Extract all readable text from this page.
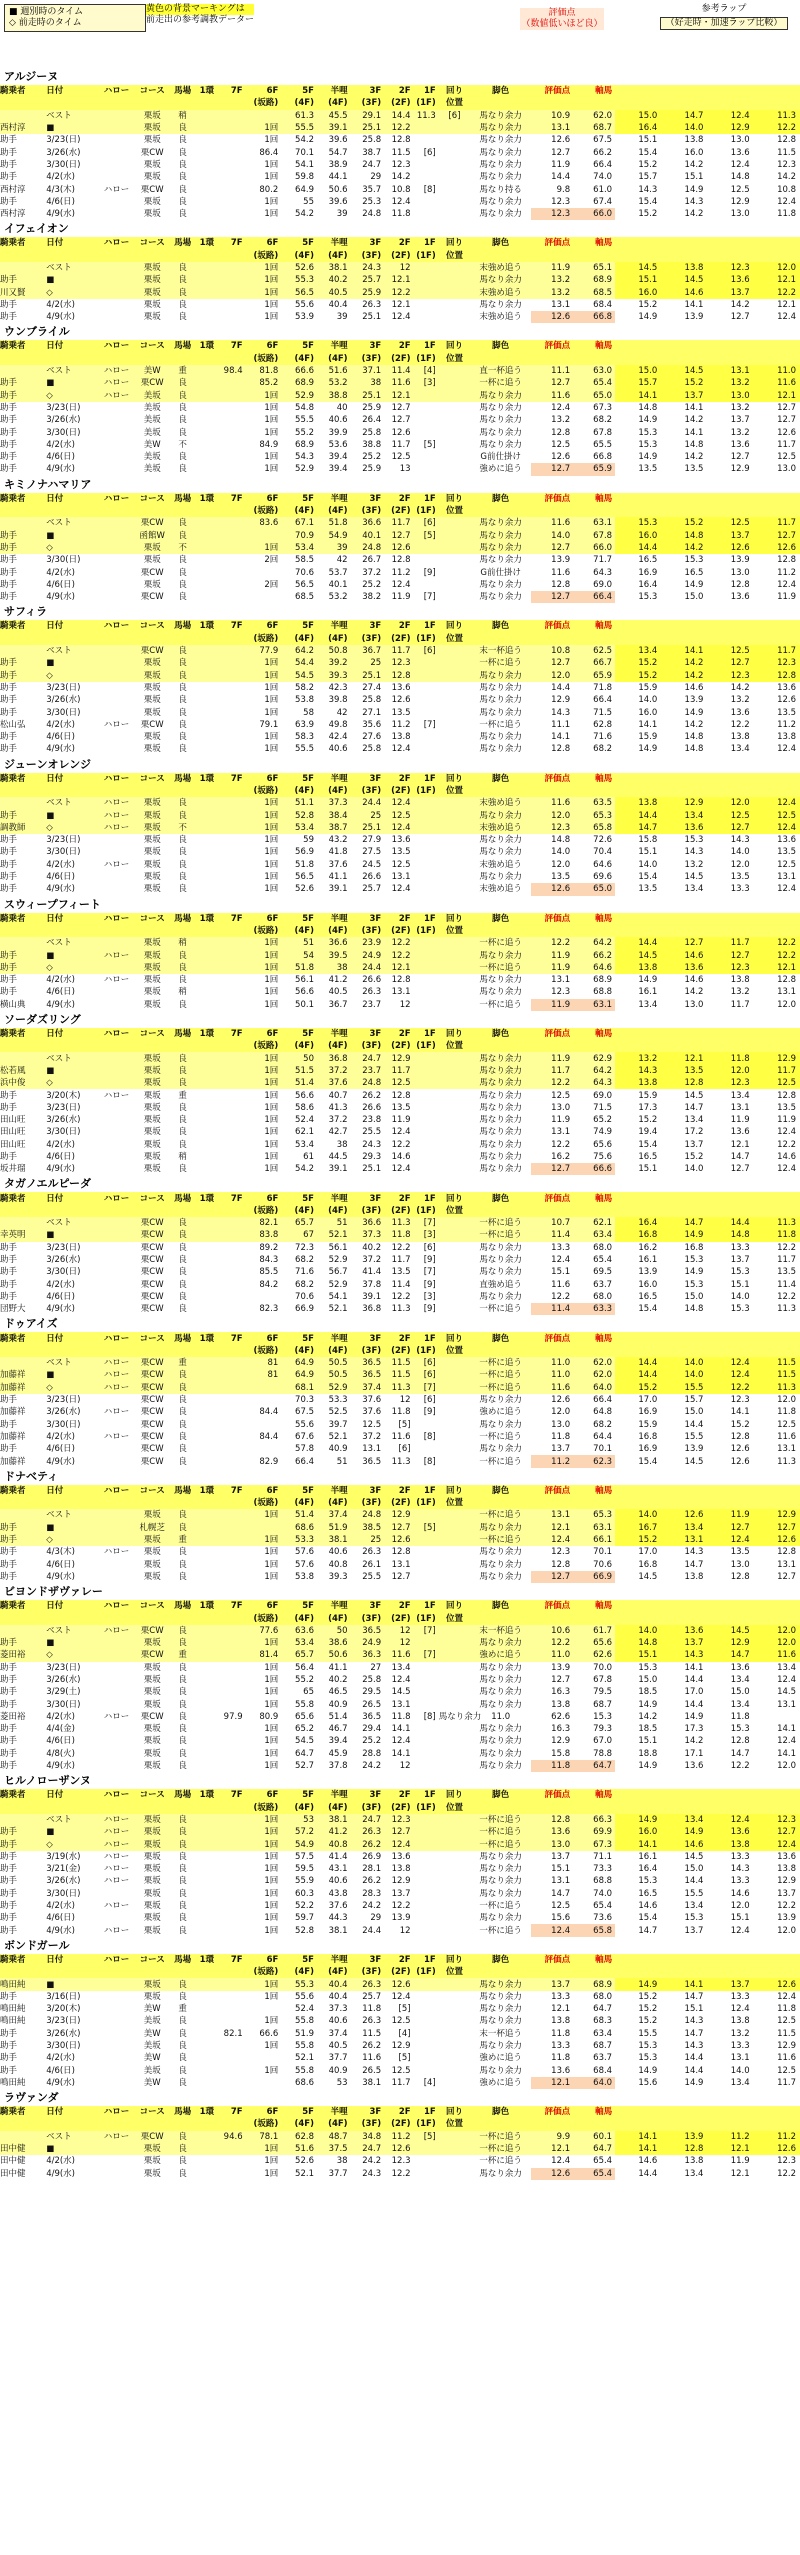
■ 週別時のタイム
◇ 前走時のタイム
黄色の背景マーキングは
前走出の参考調教データー
評価点
（数値低いほど良）
参考ラップ
（好走時・加速ラップ比較）
アルジーヌ
騎乗者	日付		ハロー	コース	馬場	1環	7F	6F	5F	半哩	3F	2F	1F	回り	脚色	評価点	軸馬				
								(坂路)	(4F)	(4F)	(3F)	(2F)	(1F)	位置							
	ベスト			栗坂	稍				61.3	45.5	29.1	14.4	11.3	[6]	馬なり余力	10.9	62.0	15.0	14.7	12.4	11.3
西村淳	■			栗坂	良			1回	55.5	39.1	25.1	12.2			馬なり余力	13.1	68.7	16.4	14.0	12.9	12.2
助手	3/23(日)			栗坂	良			1回	54.2	39.6	25.8	12.8			馬なり余力	12.6	67.5	15.1	13.8	13.0	12.8
助手	3/26(水)			栗CW	良			86.4	70.1	54.7	38.7	11.5	[6]		馬なり余力	12.7	66.2	15.4	16.0	13.6	11.5
助手	3/30(日)			栗坂	良			1回	54.1	38.9	24.7	12.3			馬なり余力	11.9	66.4	15.2	14.2	12.4	12.3
助手	4/2(水)			栗坂	良			1回	59.8	44.1	29	14.2			馬なり余力	14.4	74.0	15.7	15.1	14.8	14.2
西村淳	4/3(木)		ハロー	栗CW	良			80.2	64.9	50.6	35.7	10.8	[8]		馬なり持る	9.8	61.0	14.3	14.9	12.5	10.8
助手	4/6(日)			栗坂	良			1回	55	39.6	25.3	12.4			馬なり余力	12.3	67.4	15.4	14.3	12.9	12.4
西村淳	4/9(水)			栗坂	良			1回	54.2	39	24.8	11.8			馬なり余力	12.3	66.0	15.2	14.2	13.0	11.8
イフェイオン
騎乗者	日付		ハロー	コース	馬場	1環	7F	6F	5F	半哩	3F	2F	1F	回り	脚色	評価点	軸馬				
								(坂路)	(4F)	(4F)	(3F)	(2F)	(1F)	位置							
	ベスト			栗坂	良			1回	52.6	38.1	24.3	12			末強め追う	11.9	65.1	14.5	13.8	12.3	12.0
助手	■			栗坂	良			1回	55.3	40.2	25.7	12.1			馬なり余力	13.2	68.9	15.1	14.5	13.6	12.1
川又賢	◇			栗坂	良			1回	56.5	40.5	25.9	12.2			末強め追う	13.2	68.5	16.0	14.6	13.7	12.2
助手	4/2(水)			栗坂	良			1回	55.6	40.4	26.3	12.1			馬なり余力	13.1	68.4	15.2	14.1	14.2	12.1
助手	4/9(水)			栗坂	良			1回	53.9	39	25.1	12.4			末強め追う	12.6	66.8	14.9	13.9	12.7	12.4
ウンブライル
騎乗者	日付		ハロー	コース	馬場	1環	7F	6F	5F	半哩	3F	2F	1F	回り	脚色	評価点	軸馬				
								(坂路)	(4F)	(4F)	(3F)	(2F)	(1F)	位置							
	ベスト		ハロー	美W	重		98.4	81.8	66.6	51.6	37.1	11.4	[4]		直一杯追う	11.1	63.0	15.0	14.5	13.1	11.0
助手	■		ハロー	栗CW	良			85.2	68.9	53.2	38	11.6	[3]		一杯に追う	12.7	65.4	15.7	15.2	13.2	11.6
助手	◇		ハロー	美坂	良			1回	52.9	38.8	25.1	12.1			馬なり余力	11.6	65.0	14.1	13.7	13.0	12.1
助手	3/23(日)			美坂	良			1回	54.8	40	25.9	12.7			馬なり余力	12.4	67.3	14.8	14.1	13.2	12.7
助手	3/26(水)			美坂	良			1回	55.5	40.6	26.4	12.7			馬なり余力	13.2	68.2	14.9	14.2	13.7	12.7
助手	3/30(日)			美坂	良			1回	55.2	39.9	25.8	12.6			馬なり余力	12.8	67.8	15.3	14.1	13.2	12.6
助手	4/2(水)			美W	不			84.9	68.9	53.6	38.8	11.7	[5]		馬なり余力	12.5	65.5	15.3	14.8	13.6	11.7
助手	4/6(日)			美坂	良			1回	54.3	39.4	25.2	12.5			G前仕掛け	12.6	66.8	14.9	14.2	12.7	12.5
助手	4/9(水)			美坂	良			1回	52.9	39.4	25.9	13			強めに追う	12.7	65.9	13.5	13.5	12.9	13.0
キミノナハマリア
騎乗者	日付		ハロー	コース	馬場	1環	7F	6F	5F	半哩	3F	2F	1F	回り	脚色	評価点	軸馬				
								(坂路)	(4F)	(4F)	(3F)	(2F)	(1F)	位置							
	ベスト			栗CW	良			83.6	67.1	51.8	36.6	11.7	[6]		馬なり余力	11.6	63.1	15.3	15.2	12.5	11.7
助手	■			函館W	良				70.9	54.9	40.1	12.7	[5]		馬なり余力	14.0	67.8	16.0	14.8	13.7	12.7
助手	◇			栗坂	不			1回	53.4	39	24.8	12.6			馬なり余力	12.7	66.0	14.4	14.2	12.6	12.6
助手	3/30(日)			栗坂	良			2回	58.5	42	26.7	12.8			馬なり余力	13.9	71.7	16.5	15.3	13.9	12.8
助手	4/2(水)			栗CW	良				70.6	53.7	37.2	11.2	[9]		G前仕掛け	11.6	64.3	16.9	16.5	13.0	11.2
助手	4/6(日)			栗坂	良			2回	56.5	40.1	25.2	12.4			馬なり余力	12.8	69.0	16.4	14.9	12.8	12.4
助手	4/9(水)			栗CW	良				68.5	53.2	38.2	11.9	[7]		馬なり余力	12.7	66.4	15.3	15.0	13.6	11.9
サフィラ
騎乗者	日付		ハロー	コース	馬場	1環	7F	6F	5F	半哩	3F	2F	1F	回り	脚色	評価点	軸馬				
								(坂路)	(4F)	(4F)	(3F)	(2F)	(1F)	位置							
	ベスト			栗CW	良			77.9	64.2	50.8	36.7	11.7	[6]		末一杯追う	10.8	62.5	13.4	14.1	12.5	11.7
助手	■			栗坂	良			1回	54.4	39.2	25	12.3			一杯に追う	12.7	66.7	15.2	14.2	12.7	12.3
助手	◇			栗坂	良			1回	54.5	39.3	25.1	12.8			馬なり余力	12.0	65.9	15.2	14.2	12.3	12.8
助手	3/23(日)			栗坂	良			1回	58.2	42.3	27.4	13.6			馬なり余力	14.4	71.8	15.9	14.6	14.2	13.6
助手	3/26(水)			栗坂	良			1回	53.8	39.8	25.8	12.6			馬なり余力	12.9	66.4	14.0	13.9	13.2	12.6
助手	3/30(日)			栗坂	良			1回	58	42	27.1	13.5			馬なり余力	14.3	71.5	16.0	14.9	13.6	13.5
松山弘	4/2(水)		ハロー	栗CW	良			79.1	63.9	49.8	35.6	11.2	[7]		一杯に追う	11.1	62.8	14.1	14.2	12.2	11.2
助手	4/6(日)			栗坂	良			1回	58.3	42.4	27.6	13.8			馬なり余力	14.1	71.6	15.9	14.8	13.8	13.8
助手	4/9(水)			栗坂	良			1回	55.5	40.6	25.8	12.4			馬なり余力	12.8	68.2	14.9	14.8	13.4	12.4
ジューンオレンジ
騎乗者	日付		ハロー	コース	馬場	1環	7F	6F	5F	半哩	3F	2F	1F	回り	脚色	評価点	軸馬				
								(坂路)	(4F)	(4F)	(3F)	(2F)	(1F)	位置							
	ベスト		ハロー	栗坂	良			1回	51.1	37.3	24.4	12.4			末強め追う	11.6	63.5	13.8	12.9	12.0	12.4
助手	■		ハロー	栗坂	良			1回	52.8	38.4	25	12.5			馬なり余力	12.0	65.3	14.4	13.4	12.5	12.5
調教師	◇		ハロー	栗坂	不			1回	53.4	38.7	25.1	12.4			末強め追う	12.3	65.8	14.7	13.6	12.7	12.4
助手	3/23(日)			栗坂	良			1回	59	43.2	27.9	13.6			馬なり余力	14.8	72.6	15.8	15.3	14.3	13.6
助手	3/30(日)			栗坂	良			1回	56.9	41.8	27.5	13.5			馬なり余力	14.0	70.4	15.1	14.3	14.0	13.5
助手	4/2(水)		ハロー	栗坂	良			1回	51.8	37.6	24.5	12.5			末強め追う	12.0	64.6	14.0	13.2	12.0	12.5
助手	4/6(日)			栗坂	良			1回	56.5	41.1	26.6	13.1			馬なり余力	13.5	69.6	15.4	14.5	13.5	13.1
助手	4/9(水)			栗坂	良			1回	52.6	39.1	25.7	12.4			末強め追う	12.6	65.0	13.5	13.4	13.3	12.4
スウィープフィート
騎乗者	日付		ハロー	コース	馬場	1環	7F	6F	5F	半哩	3F	2F	1F	回り	脚色	評価点	軸馬				
								(坂路)	(4F)	(4F)	(3F)	(2F)	(1F)	位置							
	ベスト			栗坂	稍			1回	51	36.6	23.9	12.2			一杯に追う	12.2	64.2	14.4	12.7	11.7	12.2
助手	■		ハロー	栗坂	良			1回	54	39.5	24.9	12.2			馬なり余力	11.9	66.2	14.5	14.6	12.7	12.2
助手	◇			栗坂	良			1回	51.8	38	24.4	12.1			一杯に追う	11.9	64.6	13.8	13.6	12.3	12.1
助手	4/2(水)		ハロー	栗坂	良			1回	56.1	41.2	26.6	12.8			馬なり余力	13.1	68.9	14.9	14.6	13.8	12.8
助手	4/6(日)			栗坂	稍			1回	56.6	40.5	26.3	13.1			馬なり余力	12.3	68.8	16.1	14.2	13.2	13.1
横山典	4/9(水)			栗坂	良			1回	50.1	36.7	23.7	12			一杯に追う	11.9	63.1	13.4	13.0	11.7	12.0
ソーダズリング
騎乗者	日付		ハロー	コース	馬場	1環	7F	6F	5F	半哩	3F	2F	1F	回り	脚色	評価点	軸馬				
								(坂路)	(4F)	(4F)	(3F)	(2F)	(1F)	位置							
	ベスト			栗坂	良			1回	50	36.8	24.7	12.9			馬なり余力	11.9	62.9	13.2	12.1	11.8	12.9
松若風	■			栗坂	良			1回	51.5	37.2	23.7	11.7			馬なり余力	11.7	64.2	14.3	13.5	12.0	11.7
浜中俊	◇			栗坂	良			1回	51.4	37.6	24.8	12.5			馬なり余力	12.2	64.3	13.8	12.8	12.3	12.5
助手	3/20(木)		ハロー	栗坂	重			1回	56.6	40.7	26.2	12.8			馬なり余力	12.5	69.0	15.9	14.5	13.4	12.8
助手	3/23(日)			栗坂	良			1回	58.6	41.3	26.6	13.5			馬なり余力	13.0	71.5	17.3	14.7	13.1	13.5
田山旺	3/26(水)			栗坂	良			1回	52.4	37.2	23.8	11.9			馬なり余力	11.9	65.2	15.2	13.4	11.9	11.9
田山旺	3/30(日)			栗坂	良			1回	62.1	42.7	25.5	12.4			馬なり余力	13.1	74.9	19.4	17.2	13.6	12.4
田山旺	4/2(水)			栗坂	良			1回	53.4	38	24.3	12.2			馬なり余力	12.2	65.6	15.4	13.7	12.1	12.2
助手	4/6(日)			栗坂	稍			1回	61	44.5	29.3	14.6			馬なり余力	16.2	75.6	16.5	15.2	14.7	14.6
坂井瑠	4/9(水)			栗坂	良			1回	54.2	39.1	25.1	12.4			馬なり余力	12.7	66.6	15.1	14.0	12.7	12.4
タガノエルピーダ
騎乗者	日付		ハロー	コース	馬場	1環	7F	6F	5F	半哩	3F	2F	1F	回り	脚色	評価点	軸馬				
								(坂路)	(4F)	(4F)	(3F)	(2F)	(1F)	位置							
	ベスト			栗CW	良			82.1	65.7	51	36.6	11.3	[7]		一杯に追う	10.7	62.1	16.4	14.7	14.4	11.3
幸英明	■			栗CW	良			83.8	67	52.1	37.3	11.8	[3]		一杯に追う	11.4	63.4	16.8	14.9	14.8	11.8
助手	3/23(日)			栗CW	良			89.2	72.3	56.1	40.2	12.2	[6]		馬なり余力	13.3	68.0	16.2	16.8	13.3	12.2
助手	3/26(水)			栗CW	良			84.3	68.2	52.9	37.2	11.7	[9]		馬なり余力	12.4	65.4	16.1	15.3	13.7	11.7
助手	3/30(日)			栗CW	良			85.5	71.6	56.7	41.4	13.5	[7]		馬なり余力	15.1	69.5	13.9	14.9	15.3	13.5
助手	4/2(水)			栗CW	良			84.2	68.2	52.9	37.8	11.4	[9]		直強め追う	11.6	63.7	16.0	15.3	15.1	11.4
助手	4/6(日)			栗CW	良				70.6	54.1	39.1	12.2	[3]		馬なり余力	12.2	68.0	16.5	15.0	14.0	12.2
団野大	4/9(水)			栗CW	良			82.3	66.9	52.1	36.8	11.3	[9]		一杯に追う	11.4	63.3	15.4	14.8	15.3	11.3
ドゥアイズ
騎乗者	日付		ハロー	コース	馬場	1環	7F	6F	5F	半哩	3F	2F	1F	回り	脚色	評価点	軸馬				
								(坂路)	(4F)	(4F)	(3F)	(2F)	(1F)	位置							
	ベスト		ハロー	栗CW	重			81	64.9	50.5	36.5	11.5	[6]		一杯に追う	11.0	62.0	14.4	14.0	12.4	11.5
加藤祥	■		ハロー	栗CW	良			81	64.9	50.5	36.5	11.5	[6]		一杯に追う	11.0	62.0	14.4	14.0	12.4	11.5
加藤祥	◇		ハロー	栗CW	良				68.1	52.9	37.4	11.3	[7]		一杯に追う	11.6	64.0	15.2	15.5	12.2	11.3
助手	3/23(日)			栗CW	良				70.3	53.3	37.6	12	[6]		馬なり余力	12.6	66.4	17.0	15.7	12.3	12.0
加藤祥	3/26(水)		ハロー	栗CW	良			84.4	67.5	52.5	37.6	11.8	[9]		強めに追う	12.0	64.8	16.9	15.0	14.1	11.8
助手	3/30(日)			栗CW	良				55.6	39.7	12.5	[5]			馬なり余力	13.0	68.2	15.9	14.4	15.2	12.5
加藤祥	4/2(水)		ハロー	栗CW	良			84.4	67.6	52.1	37.2	11.6	[8]		一杯に追う	11.8	64.4	16.8	15.5	12.8	11.6
助手	4/6(日)			栗CW	良				57.8	40.9	13.1	[6]			馬なり余力	13.7	70.1	16.9	13.9	12.6	13.1
加藤祥	4/9(水)			栗CW	良			82.9	66.4	51	36.5	11.3	[8]		一杯に追う	11.2	62.3	15.4	14.5	12.6	11.3
ドナベティ
騎乗者	日付		ハロー	コース	馬場	1環	7F	6F	5F	半哩	3F	2F	1F	回り	脚色	評価点	軸馬				
								(坂路)	(4F)	(4F)	(3F)	(2F)	(1F)	位置							
	ベスト			栗坂	良			1回	51.4	37.4	24.8	12.9			一杯に追う	13.1	65.3	14.0	12.6	11.9	12.9
助手	■			札幌芝	良				68.6	51.9	38.5	12.7	[5]		馬なり余力	12.1	63.1	16.7	13.4	12.7	12.7
助手	◇			栗坂	重			1回	53.3	38.1	25	12.6			一杯に追う	12.4	66.1	15.2	13.1	12.4	12.6
助手	4/3(木)		ハロー	栗坂	良			1回	57.6	40.6	26.3	12.8			馬なり余力	12.3	70.1	17.0	14.3	13.5	12.8
助手	4/6(日)			栗坂	良			1回	57.6	40.8	26.1	13.1			馬なり余力	12.8	70.6	16.8	14.7	13.0	13.1
助手	4/9(水)			栗坂	良			1回	53.8	39.3	25.5	12.7			馬なり余力	12.7	66.9	14.5	13.8	12.8	12.7
ビヨンドザヴァレー
騎乗者	日付		ハロー	コース	馬場	1環	7F	6F	5F	半哩	3F	2F	1F	回り	脚色	評価点	軸馬				
								(坂路)	(4F)	(4F)	(3F)	(2F)	(1F)	位置							
	ベスト		ハロー	栗CW	良			77.6	63.6	50	36.5	12	[7]		末一杯追う	10.6	61.7	14.0	13.6	14.5	12.0
助手	■			栗坂	良			1回	53.4	38.6	24.9	12			馬なり余力	12.2	65.6	14.8	13.7	12.9	12.0
菱田裕	◇			栗CW	重			81.4	65.7	50.6	36.3	11.6	[7]		強めに追う	11.0	62.6	15.1	14.3	14.7	11.6
助手	3/23(日)			栗坂	良			1回	56.4	41.1	27	13.4			馬なり余力	13.9	70.0	15.3	14.1	13.6	13.4
助手	3/26(水)			栗坂	良			1回	55.2	40.2	25.8	12.4			馬なり余力	12.7	67.8	15.0	14.4	13.4	12.4
助手	3/29(土)			栗坂	良			1回	65	46.5	29.5	14.5			馬なり余力	16.3	79.5	18.5	17.0	15.0	14.5
助手	3/30(日)			栗坂	良			1回	55.8	40.9	26.5	13.1			馬なり余力	13.8	68.7	14.9	14.4	13.4	13.1
菱田裕	4/2(水)		ハロー	栗CW	良		97.9	80.9	65.6	51.4	36.5	11.8	[8]	馬なり余力	11.0	62.6	15.3	14.2	14.9	11.8	
助手	4/4(金)			栗坂	良			1回	65.2	46.7	29.4	14.1			馬なり余力	16.3	79.3	18.5	17.3	15.3	14.1
助手	4/6(日)			栗坂	良			1回	54.5	39.4	25.2	12.4			馬なり余力	12.9	67.0	15.1	14.2	12.8	12.4
助手	4/8(火)			栗坂	良			1回	64.7	45.9	28.8	14.1			馬なり余力	15.8	78.8	18.8	17.1	14.7	14.1
助手	4/9(水)			栗坂	良			1回	52.7	37.8	24.2	12			馬なり余力	11.8	64.7	14.9	13.6	12.2	12.0
ヒルノローザンヌ
騎乗者	日付		ハロー	コース	馬場	1環	7F	6F	5F	半哩	3F	2F	1F	回り	脚色	評価点	軸馬				
								(坂路)	(4F)	(4F)	(3F)	(2F)	(1F)	位置							
	ベスト		ハロー	栗坂	良			1回	53	38.1	24.7	12.3			一杯に追う	12.8	66.3	14.9	13.4	12.4	12.3
助手	■		ハロー	栗坂	良			1回	57.2	41.2	26.3	12.7			一杯に追う	13.6	69.9	16.0	14.9	13.6	12.7
助手	◇		ハロー	栗坂	良			1回	54.9	40.8	26.2	12.4			一杯に追う	13.0	67.3	14.1	14.6	13.8	12.4
助手	3/19(水)		ハロー	栗坂	良			1回	57.5	41.4	26.9	13.6			馬なり余力	13.7	71.1	16.1	14.5	13.3	13.6
助手	3/21(金)		ハロー	栗坂	良			1回	59.5	43.1	28.1	13.8			馬なり余力	15.1	73.3	16.4	15.0	14.3	13.8
助手	3/26(水)		ハロー	栗坂	良			1回	55.9	40.6	26.2	12.9			馬なり余力	13.1	68.8	15.3	14.4	13.3	12.9
助手	3/30(日)			栗坂	良			1回	60.3	43.8	28.3	13.7			馬なり余力	14.7	74.0	16.5	15.5	14.6	13.7
助手	4/2(水)		ハロー	栗坂	良			1回	52.2	37.6	24.2	12.2			一杯に追う	12.5	65.4	14.6	13.4	12.0	12.2
助手	4/6(日)			栗坂	良			1回	59.7	44.3	29	13.9			馬なり余力	15.6	73.6	15.4	15.3	15.1	13.9
助手	4/9(水)		ハロー	栗坂	良			1回	52.8	38.1	24.4	12			一杯に追う	12.4	65.8	14.7	13.7	12.4	12.0
ボンドガール
騎乗者	日付		ハロー	コース	馬場	1環	7F	6F	5F	半哩	3F	2F	1F	回り	脚色	評価点	軸馬				
								(坂路)	(4F)	(4F)	(3F)	(2F)	(1F)	位置							
鳴田純	■			栗坂	良			1回	55.3	40.4	26.3	12.6			馬なり余力	13.7	68.9	14.9	14.1	13.7	12.6
助手	3/16(日)			栗坂	良			1回	55.6	40.4	25.7	12.4			馬なり余力	13.3	68.0	15.2	14.7	13.3	12.4
鳴田純	3/20(木)			美W	重				52.4	37.3	11.8	[5]			馬なり余力	12.1	64.7	15.2	15.1	12.4	11.8
鳴田純	3/23(日)			美坂	良			1回	55.8	40.6	26.3	12.5			馬なり余力	13.8	68.3	15.2	14.3	13.8	12.5
助手	3/26(水)			美W	良		82.1	66.6	51.9	37.4	11.5	[4]			末一杯追う	11.8	63.4	15.5	14.7	13.2	11.5
助手	3/30(日)			美坂	良			1回	55.8	40.5	26.2	12.9			馬なり余力	13.3	68.7	15.3	14.3	13.3	12.9
助手	4/2(水)			美W	良				52.1	37.7	11.6	[5]			強めに追う	11.8	63.7	15.3	14.4	13.1	11.6
助手	4/6(日)			美坂	良			1回	55.8	40.9	26.5	12.5			馬なり余力	13.6	68.4	14.9	14.4	14.0	12.5
鳴田純	4/9(水)			美W	良				68.6	53	38.1	11.7	[4]		強めに追う	12.1	64.0	15.6	14.9	13.4	11.7
ラヴァンダ
騎乗者	日付		ハロー	コース	馬場	1環	7F	6F	5F	半哩	3F	2F	1F	回り	脚色	評価点	軸馬				
								(坂路)	(4F)	(4F)	(3F)	(2F)	(1F)	位置							
	ベスト		ハロー	栗CW	良		94.6	78.1	62.8	48.7	34.8	11.2	[5]		一杯に追う	9.9	60.1	14.1	13.9	11.2	11.2
田中健	■			栗坂	良			1回	51.6	37.5	24.7	12.6			一杯に追う	12.1	64.7	14.1	12.8	12.1	12.6
田中健	4/2(水)			栗坂	良			1回	52.6	38	24.2	12.3			一杯に追う	12.4	65.4	14.6	13.8	11.9	12.3
田中健	4/9(水)			栗坂	良			1回	52.1	37.7	24.3	12.2			馬なり余力	12.6	65.4	14.4	13.4	12.1	12.2
